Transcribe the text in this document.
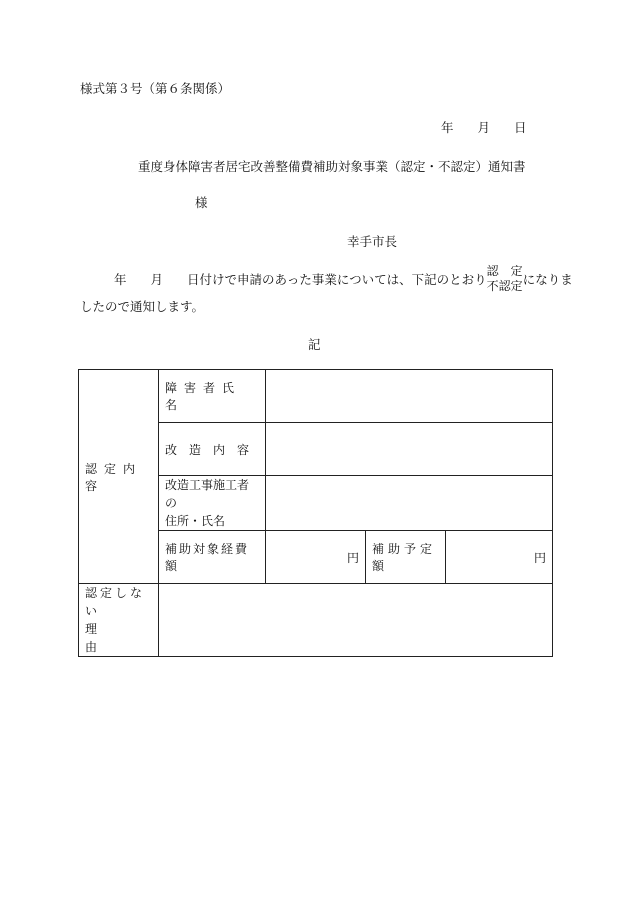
様式第３号（第６条関係）
年 月 日
重度身体障害者居宅改善整備費補助対象事業（認定・不認定）通知書
様
幸手市長
年 月 日付けで申請のあった事業については、下記のとおり
認　定
不認定 になりま
したので通知します。
記
認定内容	障害者氏名			
	改　造　内　容			

	改造工事施工者の
住所・氏名			

	補助対象経費額	円	補助予定額	円

認定しない
理　　　由				
